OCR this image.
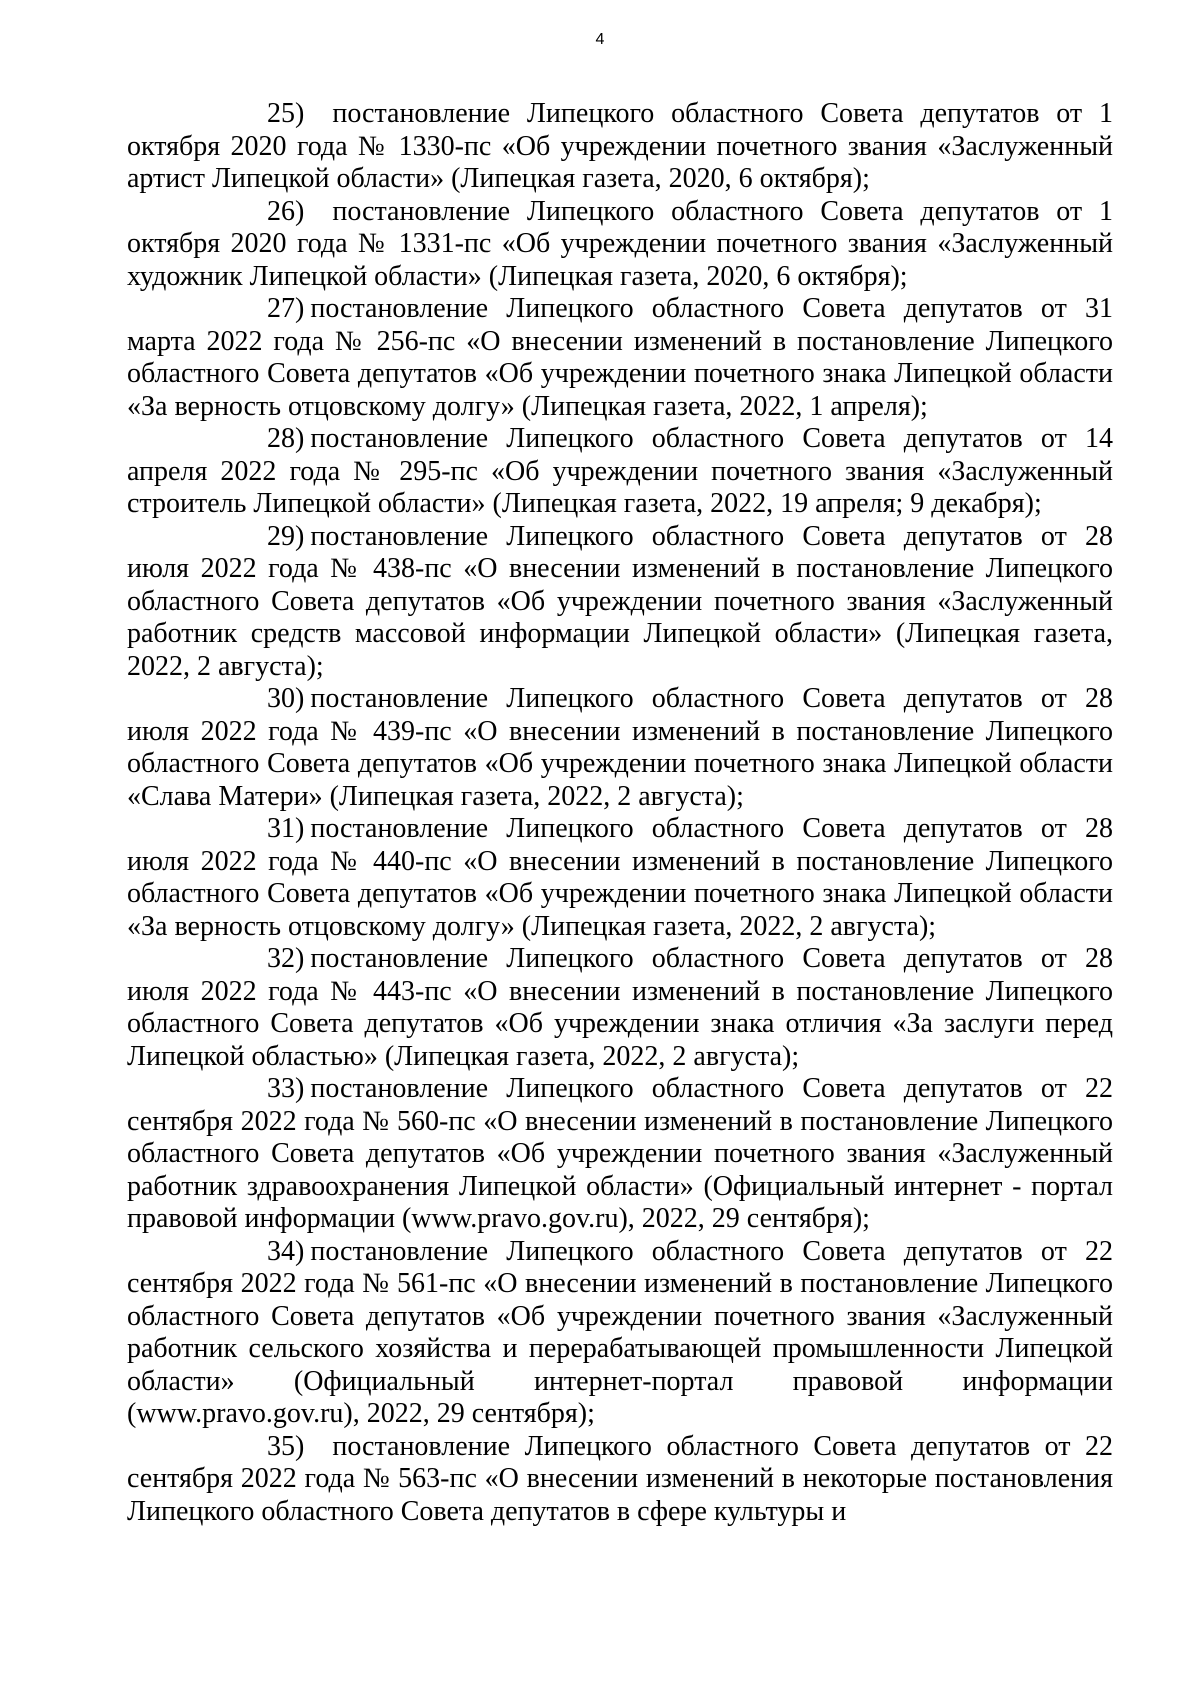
4

25) постановление Липецкого областного Совета депутатов от 1 октября 2020 года № 1330-пс «Об учреждении почетного звания «Заслуженный артист Липецкой области» (Липецкая газета, 2020, 6 октября);

26) постановление Липецкого областного Совета депутатов от 1 октября 2020 года № 1331-пс «Об учреждении почетного звания «Заслуженный художник Липецкой области» (Липецкая газета, 2020, 6 октября);

27) постановление Липецкого областного Совета депутатов от 31 марта 2022 года № 256-пс «О внесении изменений в постановление Липецкого областного Совета депутатов «Об учреждении почетного знака Липецкой области «За верность отцовскому долгу» (Липецкая газета, 2022, 1 апреля);

28) постановление Липецкого областного Совета депутатов от 14 апреля 2022 года № 295-пс «Об учреждении почетного звания «Заслуженный строитель Липецкой области» (Липецкая газета, 2022, 19 апреля; 9 декабря);

29) постановление Липецкого областного Совета депутатов от 28 июля 2022 года № 438-пс «О внесении изменений в постановление Липецкого областного Совета депутатов «Об учреждении почетного звания «Заслуженный работник средств массовой информации Липецкой области» (Липецкая газета, 2022, 2 августа);

30) постановление Липецкого областного Совета депутатов от 28 июля 2022 года № 439-пс «О внесении изменений в постановление Липецкого областного Совета депутатов «Об учреждении почетного знака Липецкой области «Слава Матери» (Липецкая газета, 2022, 2 августа);

31) постановление Липецкого областного Совета депутатов от 28 июля 2022 года № 440-пс «О внесении изменений в постановление Липецкого областного Совета депутатов «Об учреждении почетного знака Липецкой области «За верность отцовскому долгу» (Липецкая газета, 2022, 2 августа);

32) постановление Липецкого областного Совета депутатов от 28 июля 2022 года № 443-пс «О внесении изменений в постановление Липецкого областного Совета депутатов «Об учреждении знака отличия «За заслуги перед Липецкой областью» (Липецкая газета, 2022, 2 августа);

33) постановление Липецкого областного Совета депутатов от 22 сентября 2022 года № 560-пс «О внесении изменений в постановление Липецкого областного Совета депутатов «Об учреждении почетного звания «Заслуженный работник здравоохранения Липецкой области» (Официальный интернет - портал правовой информации (www.pravo.gov.ru), 2022, 29 сентября);

34) постановление Липецкого областного Совета депутатов от 22 сентября 2022 года № 561-пс «О внесении изменений в постановление Липецкого областного Совета депутатов «Об учреждении почетного звания «Заслуженный работник сельского хозяйства и перерабатывающей промышленности Липецкой области» (Официальный интернет-портал правовой информации (www.pravo.gov.ru), 2022, 29 сентября);

35) постановление Липецкого областного Совета депутатов от 22 сентября 2022 года № 563-пс «О внесении изменений в некоторые постановления Липецкого областного Совета депутатов в сфере культуры и
